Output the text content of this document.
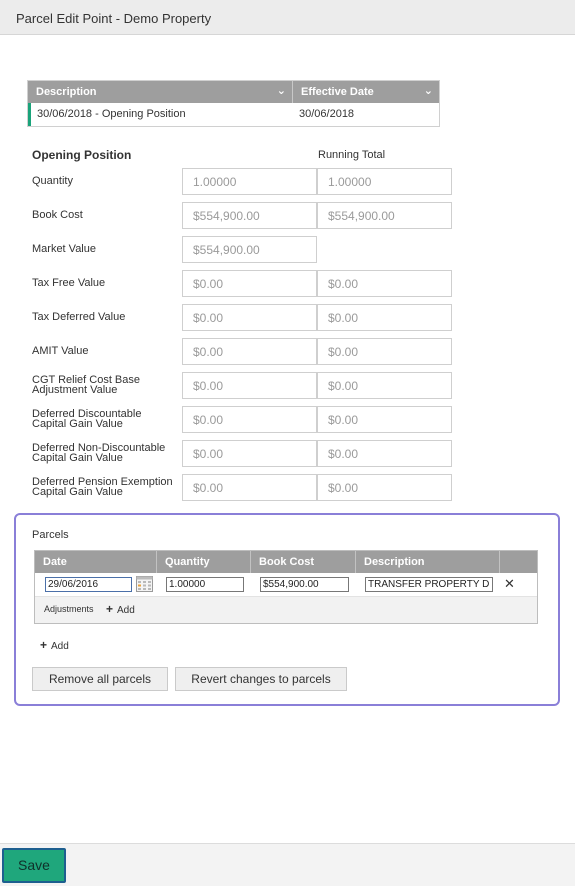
Parcel Edit Point - Demo Property
Description	⌄	Effective Date	⌄
30/06/2018 - Opening Position	30/06/2018
Opening Position	Running Total
Quantity	1.00000	1.00000
Book Cost	$554,900.00	$554,900.00
Market Value	$554,900.00
Tax Free Value	$0.00	$0.00
Tax Deferred Value	$0.00	$0.00
AMIT Value	$0.00	$0.00
CGT Relief Cost Base Adjustment Value	$0.00	$0.00
Deferred Discountable Capital Gain Value	$0.00	$0.00
Deferred Non-Discountable Capital Gain Value	$0.00	$0.00
Deferred Pension Exemption Capital Gain Value	$0.00	$0.00
Parcels
Date	Quantity	Book Cost	Description
29/06/2016	1.00000	$554,900.00	TRANSFER PROPERTY D ✕
Adjustments + Add
+ Add
Remove all parcels	Revert changes to parcels
Save
